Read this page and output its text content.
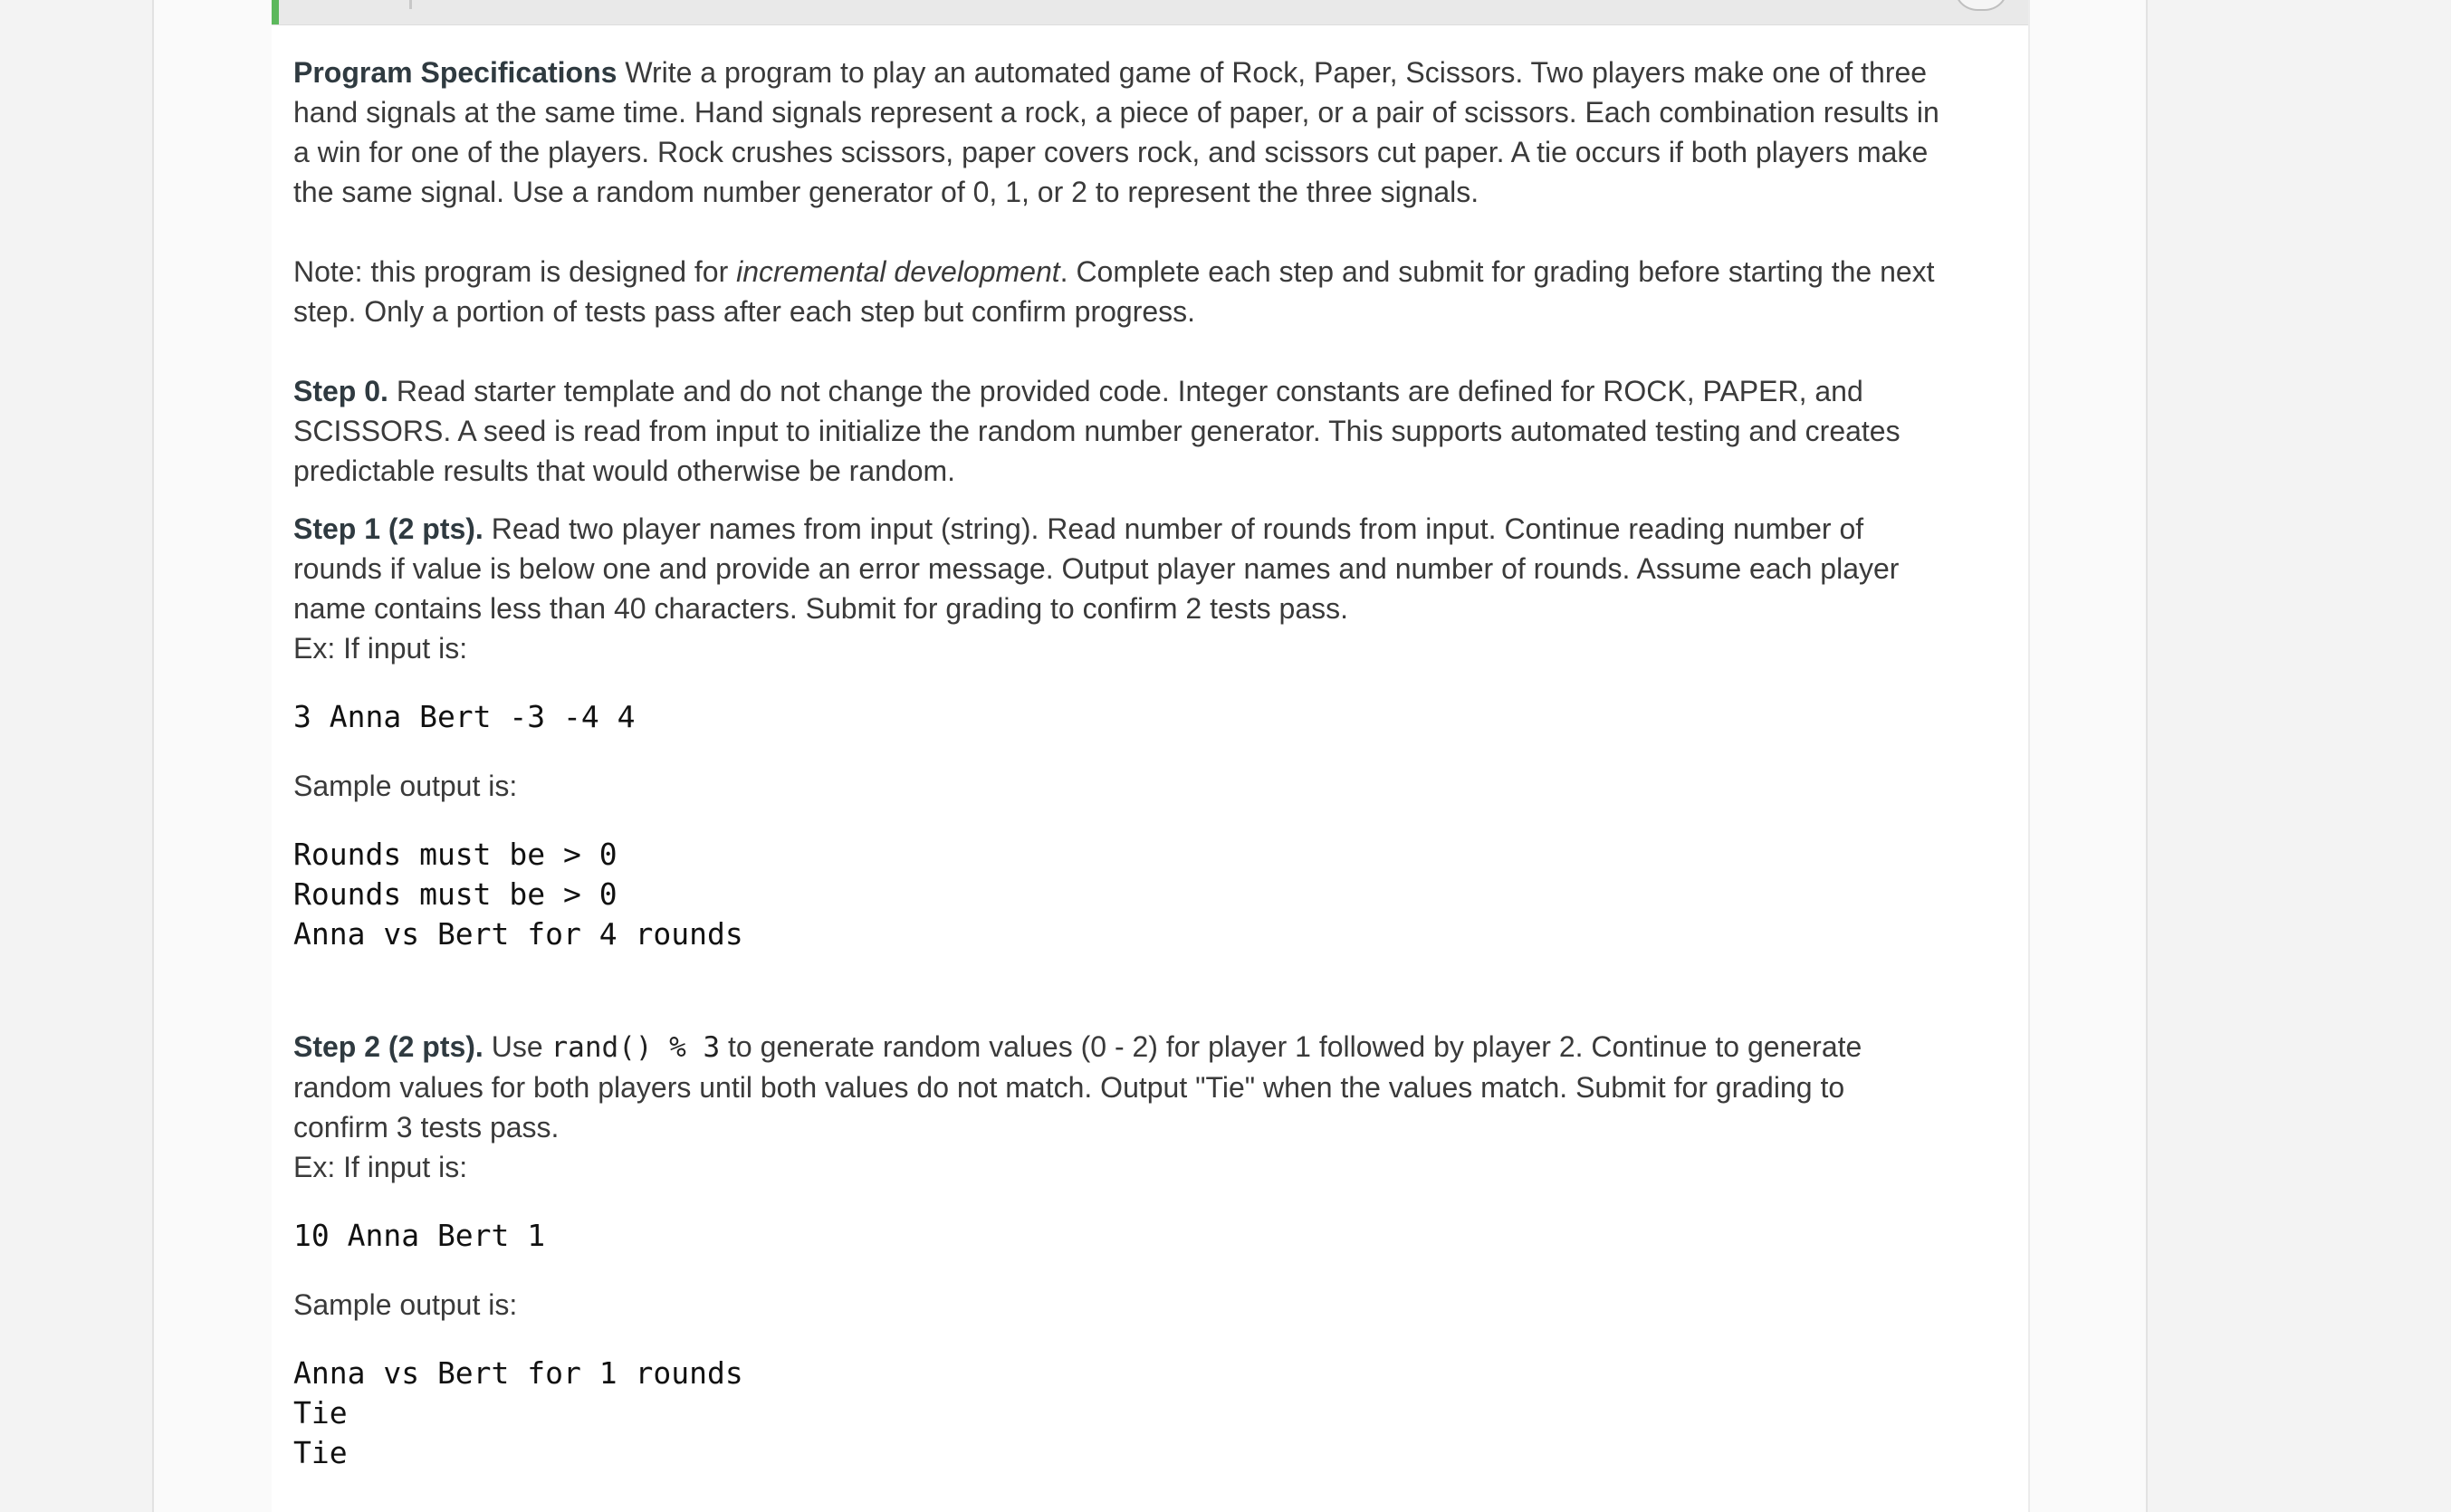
Program Specifications Write a program to play an automated game of Rock, Paper, Scissors. Two players make one of three hand signals at the same time. Hand signals represent a rock, a piece of paper, or a pair of scissors. Each combination results in a win for one of the players. Rock crushes scissors, paper covers rock, and scissors cut paper. A tie occurs if both players make the same signal. Use a random number generator of 0, 1, or 2 to represent the three signals.

Note: this program is designed for incremental development. Complete each step and submit for grading before starting the next step. Only a portion of tests pass after each step but confirm progress.

Step 0. Read starter template and do not change the provided code. Integer constants are defined for ROCK, PAPER, and SCISSORS. A seed is read from input to initialize the random number generator. This supports automated testing and creates predictable results that would otherwise be random.

Step 1 (2 pts). Read two player names from input (string). Read number of rounds from input. Continue reading number of rounds if value is below one and provide an error message. Output player names and number of rounds. Assume each player name contains less than 40 characters. Submit for grading to confirm 2 tests pass.

Ex: If input is:

3 Anna Bert -3 -4 4

Sample output is:

Rounds must be > 0
Rounds must be > 0
Anna vs Bert for 4 rounds

Step 2 (2 pts). Use rand() % 3 to generate random values (0 - 2) for player 1 followed by player 2. Continue to generate random values for both players until both values do not match. Output "Tie" when the values match. Submit for grading to confirm 3 tests pass.

Ex: If input is:

10 Anna Bert 1

Sample output is:

Anna vs Bert for 1 rounds
Tie
Tie
